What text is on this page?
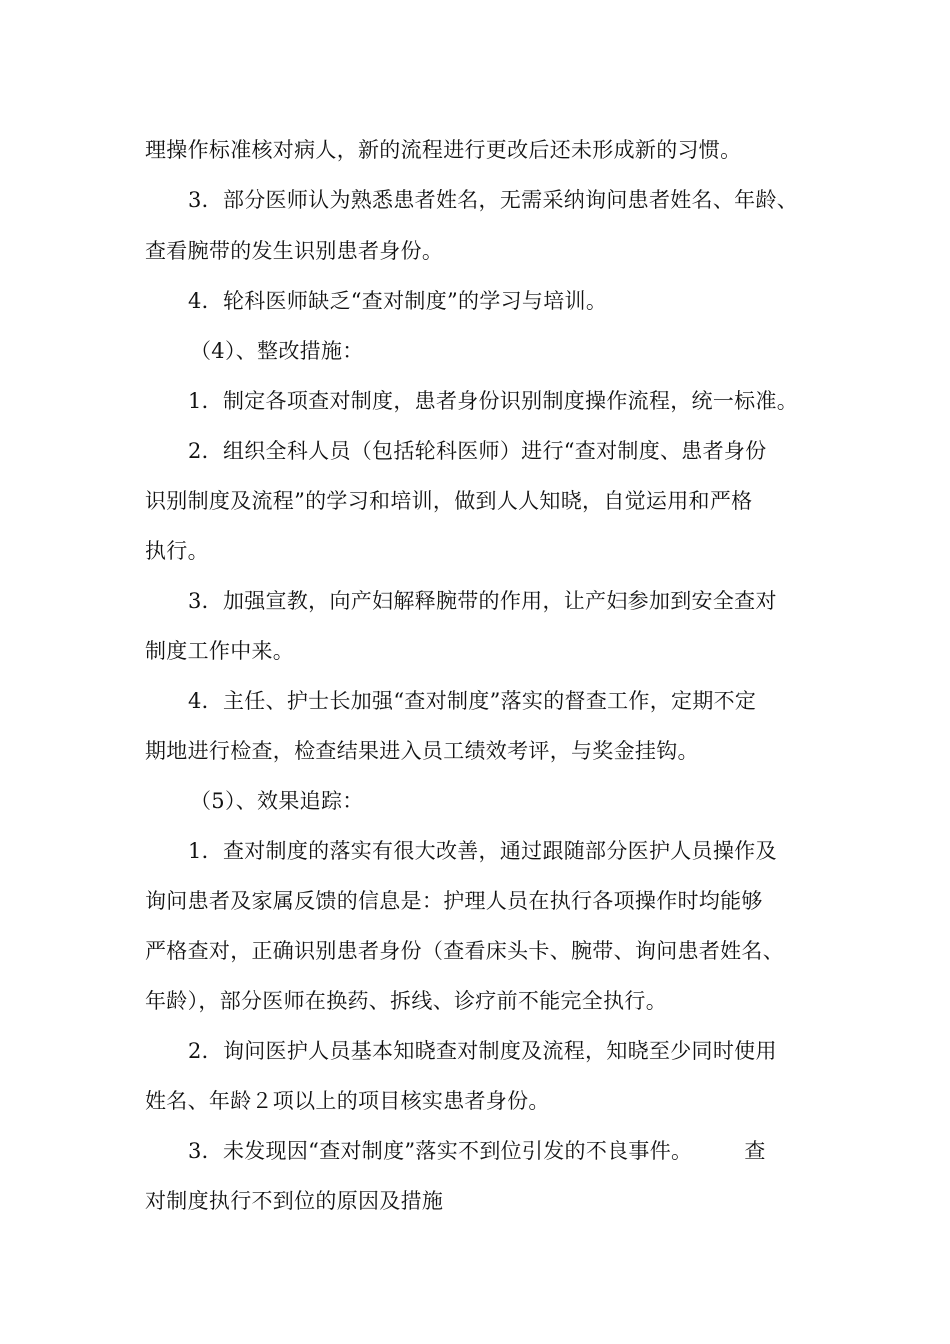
理操作标准核对病人，新的流程进行更改后还未形成新的习惯。
3．部分医师认为熟悉患者姓名，无需采纳询问患者姓名、年龄、
查看腕带的发生识别患者身份。
4．轮科医师缺乏“查对制度”的学习与培训。
（4）、整改措施：
1．制定各项查对制度，患者身份识别制度操作流程，统一标准。
2．组织全科人员（包括轮科医师）进行“查对制度、患者身份
识别制度及流程”的学习和培训，做到人人知晓，自觉运用和严格
执行。
3．加强宣教，向产妇解释腕带的作用，让产妇参加到安全查对
制度工作中来。
4．主任、护士长加强“查对制度”落实的督查工作，定期不定
期地进行检查，检查结果进入员工绩效考评，与奖金挂钩。
（5）、效果追踪：
1．查对制度的落实有很大改善，通过跟随部分医护人员操作及
询问患者及家属反馈的信息是：护理人员在执行各项操作时均能够
严格查对，正确识别患者身份（查看床头卡、腕带、询问患者姓名、
年龄），部分医师在换药、拆线、诊疗前不能完全执行。
2．询问医护人员基本知晓查对制度及流程，知晓至少同时使用
姓名、年龄２项以上的项目核实患者身份。
3．未发现因“查对制度”落实不到位引发的不良事件。 查
对制度执行不到位的原因及措施
